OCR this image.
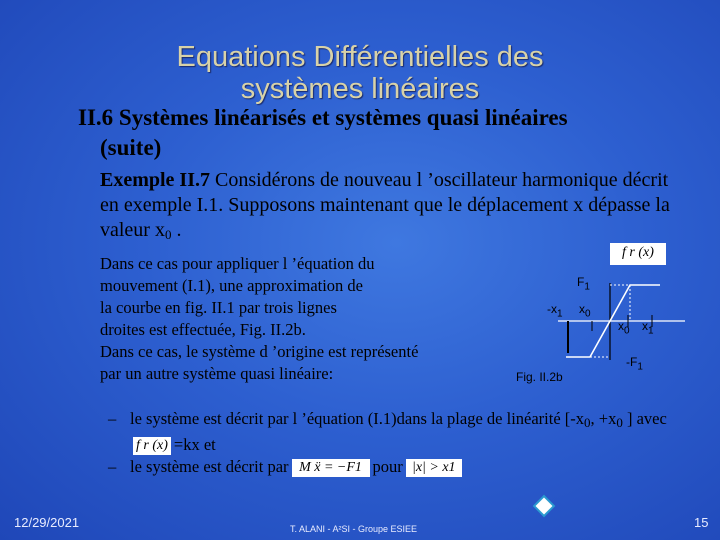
Equations Différentielles des
systèmes linéaires
II.6 Systèmes linéarisés et systèmes quasi linéaires
(suite)
Exemple II.7 Considérons de nouveau l ’oscillateur harmonique décrit en exemple I.1. Supposons maintenant que le déplacement x dépasse la valeur x0 .
Dans ce cas pour appliquer l ’équation du
mouvement (I.1), une approximation de
la courbe en fig. II.1 par trois lignes
droites est effectuée, Fig. II.2b.
Dans ce cas, le système d ’origine est représenté
par un autre système quasi linéaire:
– le système est décrit par l ’équation (I.1)dans la plage de linéarité [-x0, +x0 ] avecf r (x) =kx et
– le système est décrit par M ẍ = −F1 pour |x| > x1
f r (x)
$F_1$
$-x_1$ $x_0$
$x_0$ $x_1$
$-F_1$
Fig. II.2b
12/29/2021	T. ALANI - A²SI - Groupe ESIEE	15
